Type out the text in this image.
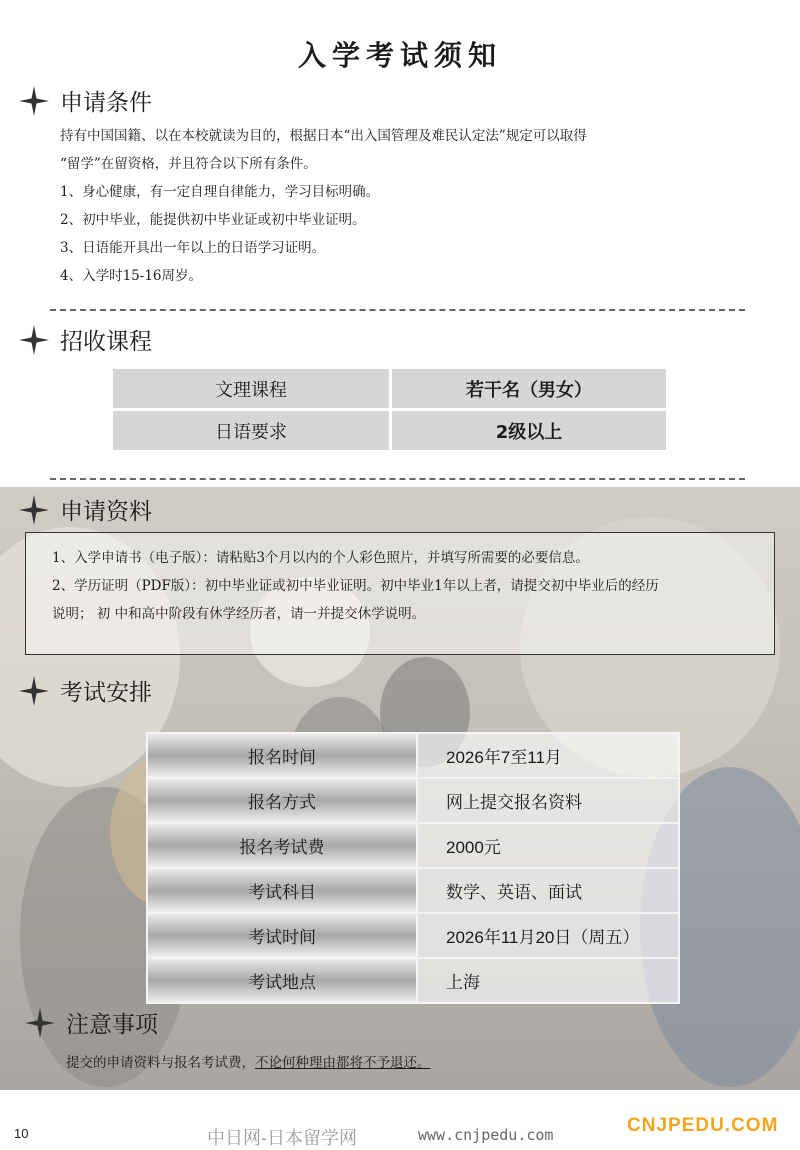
入学考试须知
申请条件
持有中国国籍、以在本校就读为目的，根据日本“出入国管理及难民认定法”规定可以取得
“留学”在留资格，并且符合以下所有条件。
1、身心健康，有一定自理自律能力，学习目标明确。
2、初中毕业，能提供初中毕业证或初中毕业证明。
3、日语能开具出一年以上的日语学习证明。
4、入学时15-16周岁。
招收课程
文理课程	若干名（男女）
日语要求	2级以上
申请资料
1、入学申请书（电子版）：请粘贴3个月以内的个人彩色照片，并填写所需要的必要信息。
2、学历证明（PDF版）：初中毕业证或初中毕业证明。初中毕业1年以上者，请提交初中毕业后的经历
说明； 初 中和高中阶段有休学经历者，请一并提交休学说明。
考试安排
报名时间	2026年7至11月
报名方式	网上提交报名资料
报名考试费	2000元
考试科目	数学、英语、面试
考试时间	2026年11月20日（周五）
考试地点	上海
注意事项
提交的申请资料与报名考试费，不论何种理由都将不予退还。
10	中日网-日本留学网	www.cnjpedu.com	CNJPEDU.COM
